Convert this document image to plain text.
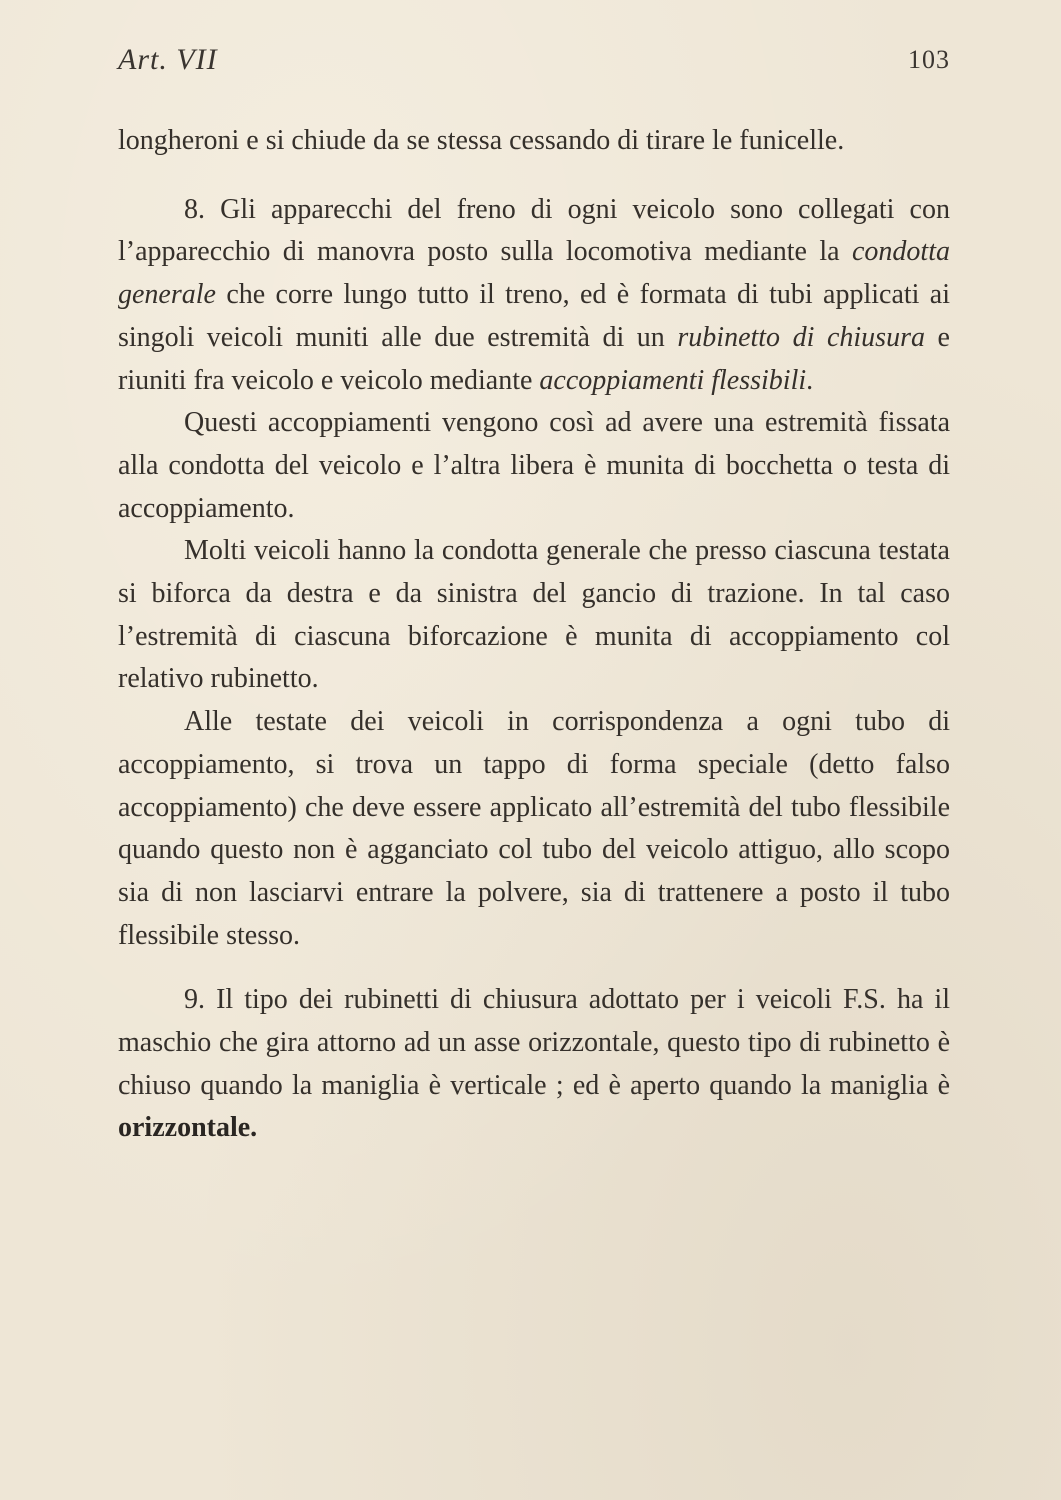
Art. VII	103

longheroni e si chiude da se stessa cessando di tirare le funicelle.

8. Gli apparecchi del freno di ogni veicolo sono collegati con l’apparecchio di manovra posto sulla locomotiva mediante la condotta generale che corre lungo tutto il treno, ed è formata di tubi applicati ai singoli veicoli muniti alle due estremità di un rubinetto di chiusura e riuniti fra veicolo e veicolo mediante accoppiamenti flessibili.

Questi accoppiamenti vengono così ad avere una estremità fissata alla condotta del veicolo e l’altra libera è munita di bocchetta o testa di accoppiamento.

Molti veicoli hanno la condotta generale che presso ciascuna testata si biforca da destra e da sinistra del gancio di trazione. In tal caso l’estremità di ciascuna biforcazione è munita di accoppiamento col relativo rubinetto.

Alle testate dei veicoli in corrispondenza a ogni tubo di accoppiamento, si trova un tappo di forma speciale (detto falso accoppiamento) che deve essere applicato all’estremità del tubo flessibile quando questo non è agganciato col tubo del veicolo attiguo, allo scopo sia di non lasciarvi entrare la polvere, sia di trattenere a posto il tubo flessibile stesso.

9. Il tipo dei rubinetti di chiusura adottato per i veicoli F.S. ha il maschio che gira attorno ad un asse orizzontale, questo tipo di rubinetto è chiuso quando la maniglia è verticale ; ed è aperto quando la maniglia è orizzontale.
